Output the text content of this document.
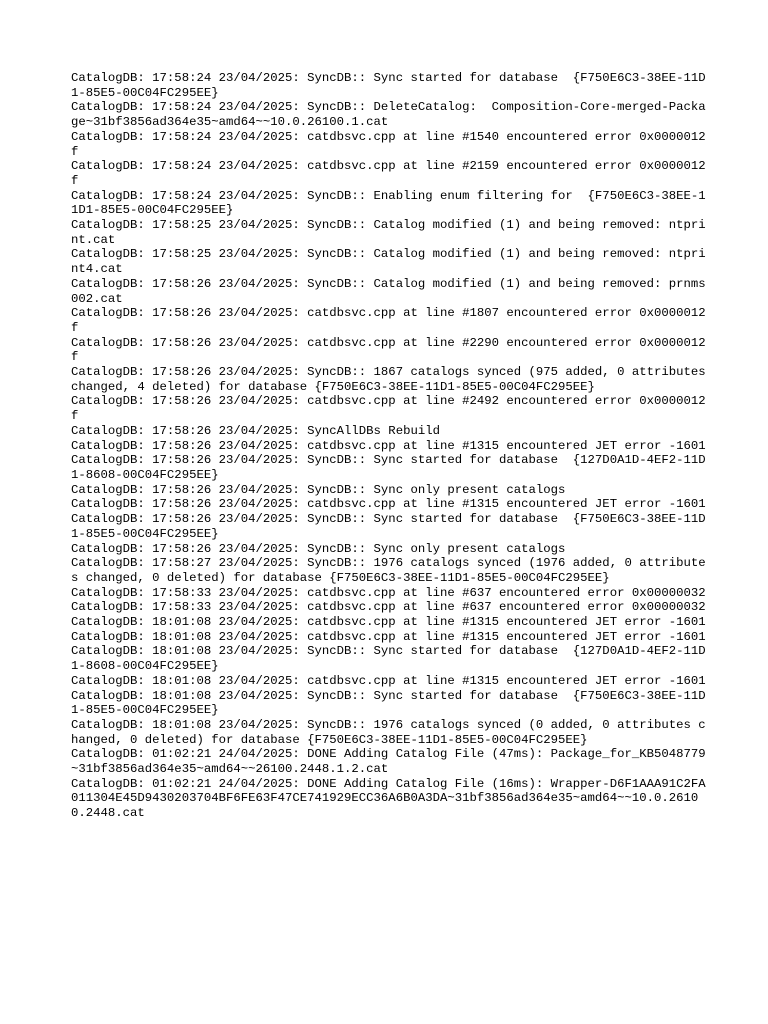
CatalogDB: 17:58:24 23/04/2025: SyncDB:: Sync started for database  {F750E6C3-38EE-11D1-85E5-00C04FC295EE}
CatalogDB: 17:58:24 23/04/2025: SyncDB:: DeleteCatalog:  Composition-Core-merged-Package~31bf3856ad364e35~amd64~~10.0.26100.1.cat
CatalogDB: 17:58:24 23/04/2025: catdbsvc.cpp at line #1540 encountered error 0x0000012f
CatalogDB: 17:58:24 23/04/2025: catdbsvc.cpp at line #2159 encountered error 0x0000012f
CatalogDB: 17:58:24 23/04/2025: SyncDB:: Enabling enum filtering for  {F750E6C3-38EE-11D1-85E5-00C04FC295EE}
CatalogDB: 17:58:25 23/04/2025: SyncDB:: Catalog modified (1) and being removed: ntprint.cat
CatalogDB: 17:58:25 23/04/2025: SyncDB:: Catalog modified (1) and being removed: ntprint4.cat
CatalogDB: 17:58:26 23/04/2025: SyncDB:: Catalog modified (1) and being removed: prnms002.cat
CatalogDB: 17:58:26 23/04/2025: catdbsvc.cpp at line #1807 encountered error 0x0000012f
CatalogDB: 17:58:26 23/04/2025: catdbsvc.cpp at line #2290 encountered error 0x0000012f
CatalogDB: 17:58:26 23/04/2025: SyncDB:: 1867 catalogs synced (975 added, 0 attributes changed, 4 deleted) for database {F750E6C3-38EE-11D1-85E5-00C04FC295EE}
CatalogDB: 17:58:26 23/04/2025: catdbsvc.cpp at line #2492 encountered error 0x0000012f
CatalogDB: 17:58:26 23/04/2025: SyncAllDBs Rebuild
CatalogDB: 17:58:26 23/04/2025: catdbsvc.cpp at line #1315 encountered JET error -1601
CatalogDB: 17:58:26 23/04/2025: SyncDB:: Sync started for database  {127D0A1D-4EF2-11D1-8608-00C04FC295EE}
CatalogDB: 17:58:26 23/04/2025: SyncDB:: Sync only present catalogs
CatalogDB: 17:58:26 23/04/2025: catdbsvc.cpp at line #1315 encountered JET error -1601
CatalogDB: 17:58:26 23/04/2025: SyncDB:: Sync started for database  {F750E6C3-38EE-11D1-85E5-00C04FC295EE}
CatalogDB: 17:58:26 23/04/2025: SyncDB:: Sync only present catalogs
CatalogDB: 17:58:27 23/04/2025: SyncDB:: 1976 catalogs synced (1976 added, 0 attributes changed, 0 deleted) for database {F750E6C3-38EE-11D1-85E5-00C04FC295EE}
CatalogDB: 17:58:33 23/04/2025: catdbsvc.cpp at line #637 encountered error 0x00000032
CatalogDB: 17:58:33 23/04/2025: catdbsvc.cpp at line #637 encountered error 0x00000032
CatalogDB: 18:01:08 23/04/2025: catdbsvc.cpp at line #1315 encountered JET error -1601
CatalogDB: 18:01:08 23/04/2025: catdbsvc.cpp at line #1315 encountered JET error -1601
CatalogDB: 18:01:08 23/04/2025: SyncDB:: Sync started for database  {127D0A1D-4EF2-11D1-8608-00C04FC295EE}
CatalogDB: 18:01:08 23/04/2025: catdbsvc.cpp at line #1315 encountered JET error -1601
CatalogDB: 18:01:08 23/04/2025: SyncDB:: Sync started for database  {F750E6C3-38EE-11D1-85E5-00C04FC295EE}
CatalogDB: 18:01:08 23/04/2025: SyncDB:: 1976 catalogs synced (0 added, 0 attributes changed, 0 deleted) for database {F750E6C3-38EE-11D1-85E5-00C04FC295EE}
CatalogDB: 01:02:21 24/04/2025: DONE Adding Catalog File (47ms): Package_for_KB5048779~31bf3856ad364e35~amd64~~26100.2448.1.2.cat
CatalogDB: 01:02:21 24/04/2025: DONE Adding Catalog File (16ms): Wrapper-D6F1AAA91C2FA011304E45D9430203704BF6FE63F47CE741929ECC36A6B0A3DA~31bf3856ad364e35~amd64~~10.0.26100.2448.cat
